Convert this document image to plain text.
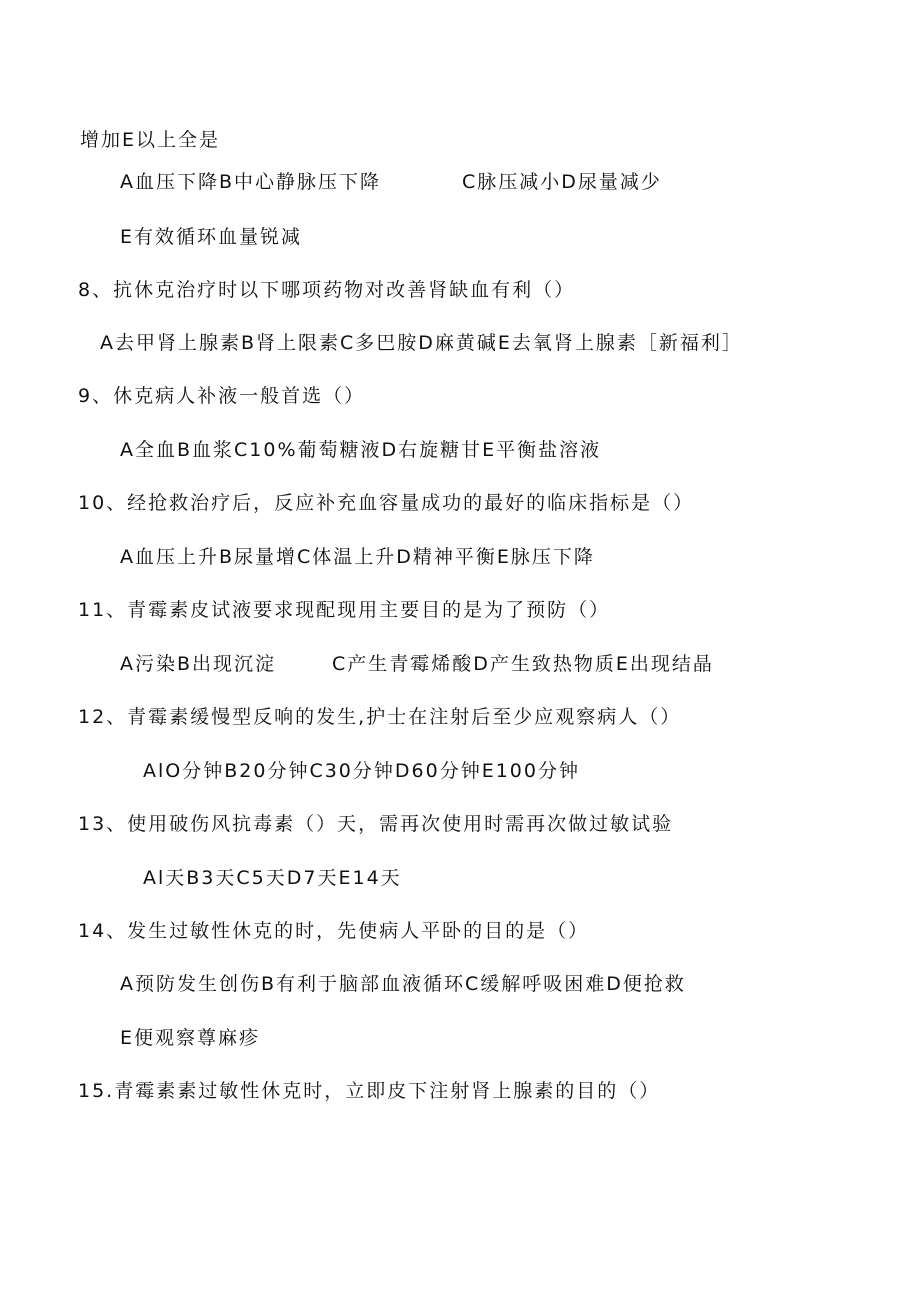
增加E以上全是
A血压下降B中心静脉压下降	C脉压减小D尿量减少
E有效循环血量锐减
8、抗休克治疗时以下哪项药物对改善肾缺血有利（）
A去甲肾上腺素B肾上限素C多巴胺D麻黄碱E去氧肾上腺素［新福利］
9、休克病人补液一般首选（）
A全血B血浆C10%葡萄糖液D右旋糖甘E平衡盐溶液
10、经抢救治疗后，反应补充血容量成功的最好的临床指标是（）
A血压上升B尿量增C体温上升D精神平衡E脉压下降
11、青霉素皮试液要求现配现用主要目的是为了预防（）
A污染B出现沉淀	C产生青霉烯酸D产生致热物质E出现结晶
12、青霉素缓慢型反响的发生,护士在注射后至少应观察病人（）
AlO分钟B20分钟C30分钟D60分钟E100分钟
13、使用破伤风抗毒素（）天，需再次使用时需再次做过敏试验
Al天B3天C5天D7天E14天
14、发生过敏性休克的时，先使病人平卧的目的是（）
A预防发生创伤B有利于脑部血液循环C缓解呼吸困难D便抢救
E便观察尊麻疹
15.青霉素素过敏性休克时，立即皮下注射肾上腺素的目的（）
